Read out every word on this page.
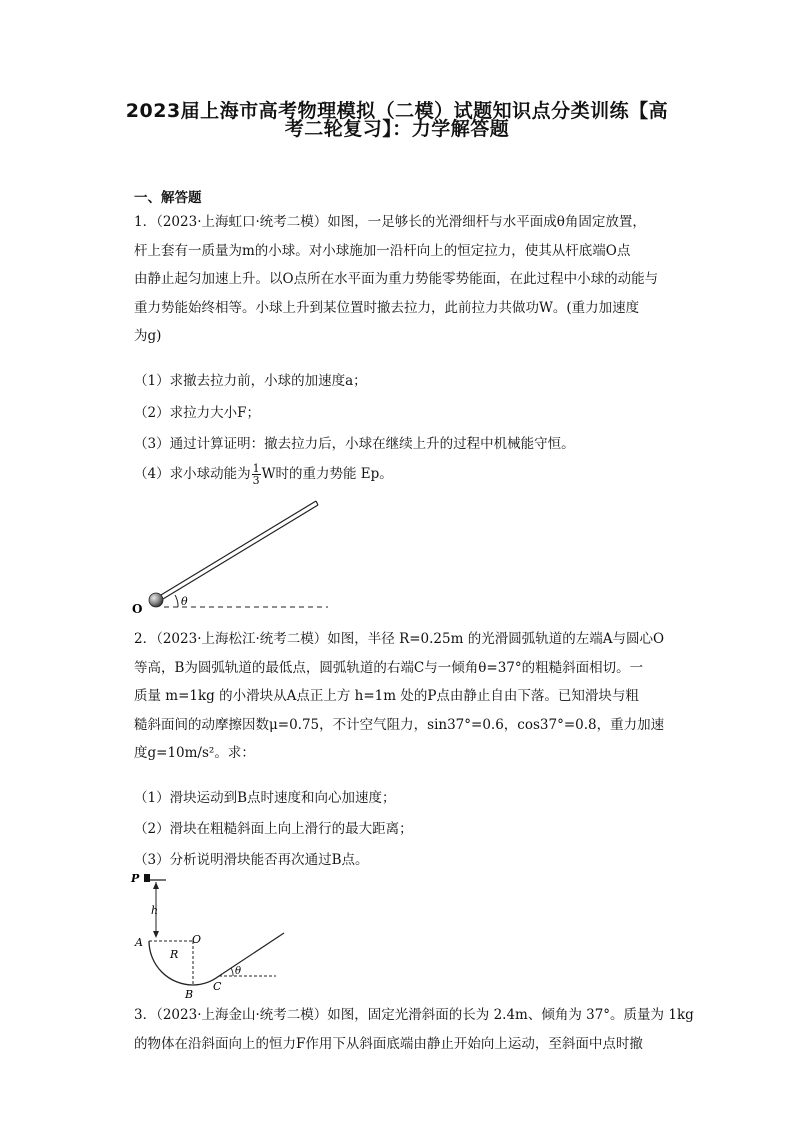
2023届上海市高考物理模拟（二模）试题知识点分类训练【高
考二轮复习】：力学解答题
一、解答题
1．（2023·上海虹口·统考二模）如图，一足够长的光滑细杆与水平面成θ角固定放置，
杆上套有一质量为m的小球。对小球施加一沿杆向上的恒定拉力，使其从杆底端O点
由静止起匀加速上升。以O点所在水平面为重力势能零势能面，在此过程中小球的动能与
重力势能始终相等。小球上升到某位置时撤去拉力，此前拉力共做功W。(重力加速度
为g)
（1）求撤去拉力前，小球的加速度a；
（2）求拉力大小F；
（3）通过计算证明：撤去拉力后，小球在继续上升的过程中机械能守恒。
（4）求小球动能为 $\frac{1}{3}$ W时的重力势能 Ep。
O
θ
2．（2023·上海松江·统考二模）如图，半径 R=0.25m 的光滑圆弧轨道的左端A与圆心O
等高，B为圆弧轨道的最低点，圆弧轨道的右端C与一倾角θ=37°的粗糙斜面相切。一
质量 m=1kg 的小滑块从A点正上方 h=1m 处的P点由静止自由下落。已知滑块与粗
糙斜面间的动摩擦因数μ=0.75，不计空气阻力，sin37°=0.6，cos37°=0.8，重力加速
度g=10m/s²。求：
（1）滑块运动到B点时速度和向心加速度；
（2）滑块在粗糙斜面上向上滑行的最大距离；
（3）分析说明滑块能否再次通过B点。
P
h
A	O
R
B
C
θ
3．（2023·上海金山·统考二模）如图，固定光滑斜面的长为 2.4m、倾角为 37°。质量为 1kg
的物体在沿斜面向上的恒力F作用下从斜面底端由静止开始向上运动，至斜面中点时撤
